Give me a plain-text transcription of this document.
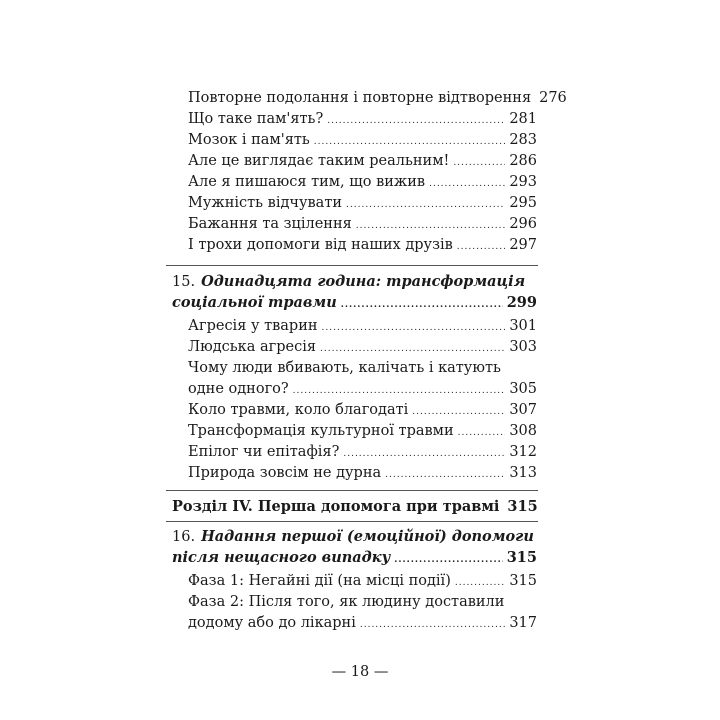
Повторне подолання і повторне відтворення 276
Що таке пам'ять? .....	281
Мозок і пам'ять .....	283
Але це виглядає таким реальним! .....	286
Але я пишаюся тим, що вижив .....	293
Мужність відчувати .....	295
Бажання та зцілення .....	296
І трохи допомоги від наших друзів .....	297
15. Одинадцята година: трансформація
соціальної травми .....	299
Агресія у тварин .....	301
Людська агресія .....	303
Чому люди вбивають, калічать і катують
одне одного? .....	305
Коло травми, коло благодаті .....	307
Трансформація культурної травми .....	308
Епілог чи епітафія? .....	312
Природа зовсім не дурна .....	313
Розділ IV. Перша допомога при травмі 315
16. Надання першої (емоційної) допомоги
після нещасного випадку .....	315
Фаза 1: Негайні дії (на місці події) .....	315
Фаза 2: Після того, як людину доставили
додому або до лікарні .....	317
— 18 —
